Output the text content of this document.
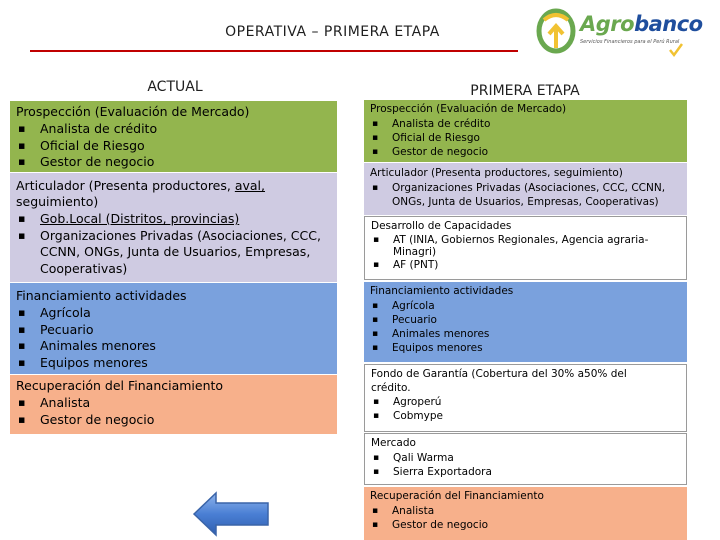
OPERATIVA – PRIMERA ETAPA	Agrobanco
Servicios Financieros para el Perú Rural
ACTUAL	PRIMERA ETAPA
Prospección (Evaluación de Mercado)
▪ Analista de crédito
▪ Oficial de Riesgo
▪ Gestor de negocio
Articulador (Presenta productores, aval,
seguimiento)
▪ Gob.Local (Distritos, provincias)
▪ Organizaciones Privadas (Asociaciones, CCC, CCNN, ONGs, Junta de Usuarios, Empresas, Cooperativas)
Financiamiento actividades
▪ Agrícola
▪ Pecuario
▪ Animales menores
▪ Equipos menores
Recuperación del Financiamiento
▪ Analista
▪ Gestor de negocio
Prospección (Evaluación de Mercado)
▪ Analista de crédito
▪ Oficial de Riesgo
▪ Gestor de negocio
Articulador (Presenta productores, seguimiento)
▪ Organizaciones Privadas (Asociaciones, CCC, CCNN, ONGs, Junta de Usuarios, Empresas, Cooperativas)
Desarrollo de Capacidades
▪ AT (INIA, Gobiernos Regionales, Agencia agraria- Minagri)
▪ AF (PNT)
Financiamiento actividades
▪ Agrícola
▪ Pecuario
▪ Animales menores
▪ Equipos menores
Fondo de Garantía (Cobertura del 30% a50% del crédito.
▪ Agroperú
▪ Cobmype
Mercado
▪ Qali Warma
▪ Sierra Exportadora
Recuperación del Financiamiento
▪ Analista
▪ Gestor de negocio
